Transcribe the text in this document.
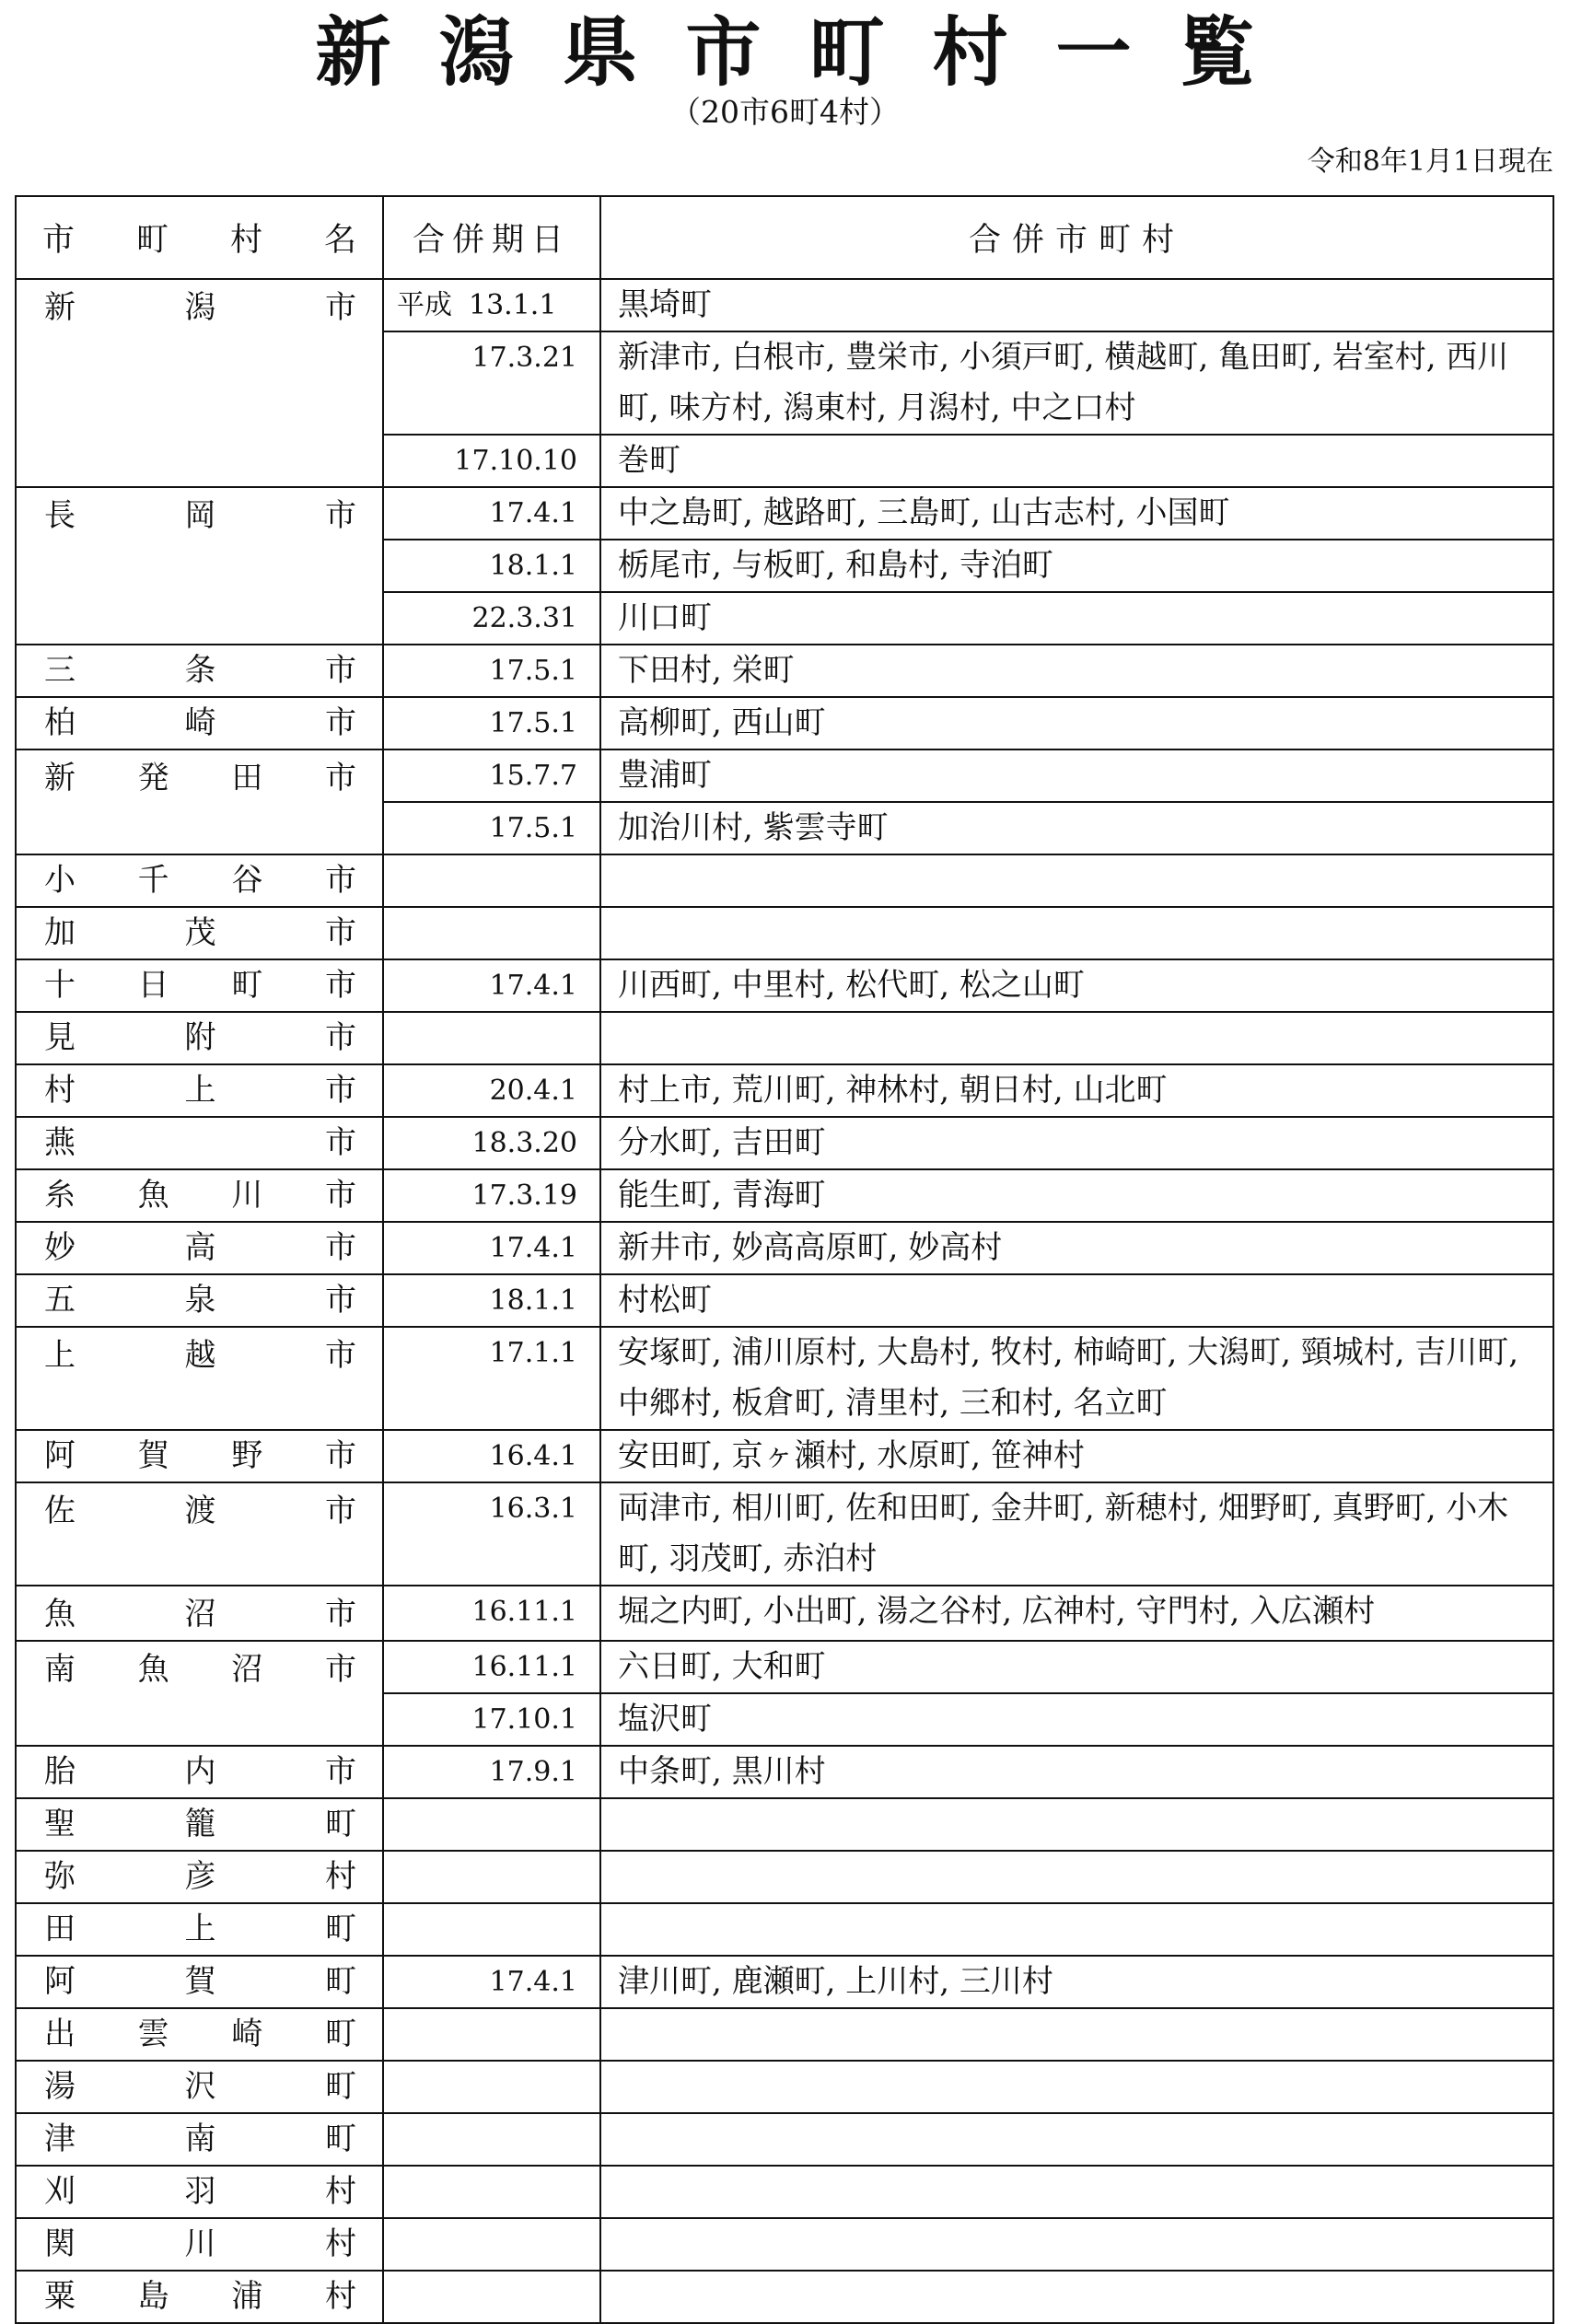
新潟県市町村一覧
（20市6町4村）
令和8年1月1日現在
市町村名	合併期日	合併市町村
新潟市	平成 13.1.1	黒埼町
	17.3.21	新津市, 白根市, 豊栄市, 小須戸町, 横越町, 亀田町, 岩室村, 西川町, 味方村, 潟東村, 月潟村, 中之口村
	17.10.10	巻町
長岡市	17.4.1	中之島町, 越路町, 三島町, 山古志村, 小国町
	18.1.1	栃尾市, 与板町, 和島村, 寺泊町
	22.3.31	川口町
三条市	17.5.1	下田村, 栄町
柏崎市	17.5.1	高柳町, 西山町
新発田市	15.7.7	豊浦町
	17.5.1	加治川村, 紫雲寺町
小千谷市		
加茂市		
十日町市	17.4.1	川西町, 中里村, 松代町, 松之山町
見附市		
村上市	20.4.1	村上市, 荒川町, 神林村, 朝日村, 山北町
燕市	18.3.20	分水町, 吉田町
糸魚川市	17.3.19	能生町, 青海町
妙高市	17.4.1	新井市, 妙高高原町, 妙高村
五泉市	18.1.1	村松町
上越市	17.1.1	安塚町, 浦川原村, 大島村, 牧村, 柿崎町, 大潟町, 頸城村, 吉川町, 中郷村, 板倉町, 清里村, 三和村, 名立町
阿賀野市	16.4.1	安田町, 京ヶ瀬村, 水原町, 笹神村
佐渡市	16.3.1	両津市, 相川町, 佐和田町, 金井町, 新穂村, 畑野町, 真野町, 小木町, 羽茂町, 赤泊村
魚沼市	16.11.1	堀之内町, 小出町, 湯之谷村, 広神村, 守門村, 入広瀬村
南魚沼市	16.11.1	六日町, 大和町
	17.10.1	塩沢町
胎内市	17.9.1	中条町, 黒川村
聖籠町		
弥彦村		
田上町		
阿賀町	17.4.1	津川町, 鹿瀬町, 上川村, 三川村
出雲崎町		
湯沢町		
津南町		
刈羽村		
関川村		
粟島浦村		
